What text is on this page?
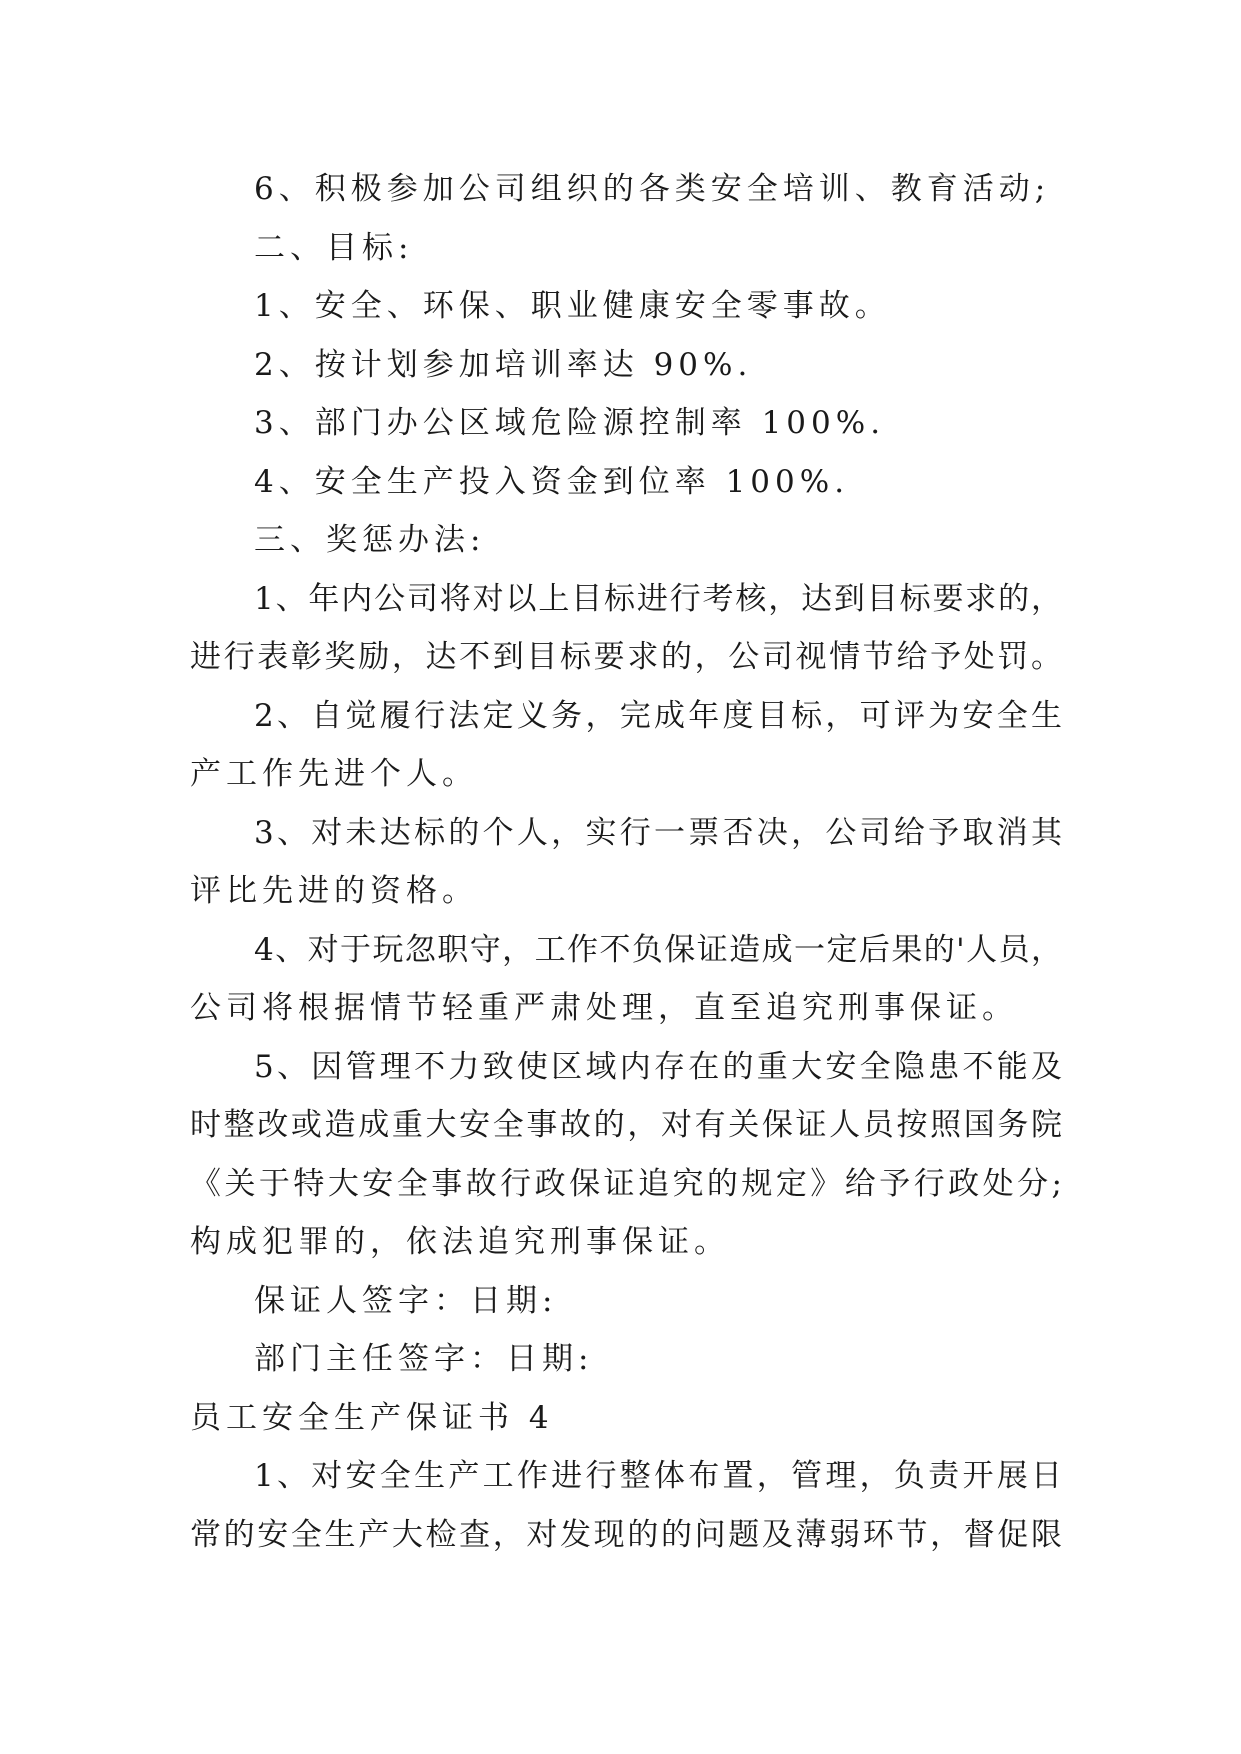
6、积极参加公司组织的各类安全培训、教育活动;
二、目标:
1、安全、环保、职业健康安全零事故。
2、按计划参加培训率达 90%.
3、部门办公区域危险源控制率 100%.
4、安全生产投入资金到位率 100%.
三、奖惩办法:
1、年内公司将对以上目标进行考核，达到目标要求的，
进行表彰奖励，达不到目标要求的，公司视情节给予处罚。
2、自觉履行法定义务，完成年度目标，可评为安全生
产工作先进个人。
3、对未达标的个人，实行一票否决，公司给予取消其
评比先进的资格。
4、对于玩忽职守，工作不负保证造成一定后果的'人员，
公司将根据情节轻重严肃处理，直至追究刑事保证。
5、因管理不力致使区域内存在的重大安全隐患不能及
时整改或造成重大安全事故的，对有关保证人员按照国务院
《关于特大安全事故行政保证追究的规定》给予行政处分;
构成犯罪的，依法追究刑事保证。
保证人签字：日期:
部门主任签字：日期:
员工安全生产保证书 4
1、对安全生产工作进行整体布置，管理，负责开展日
常的安全生产大检查，对发现的的问题及薄弱环节，督促限
